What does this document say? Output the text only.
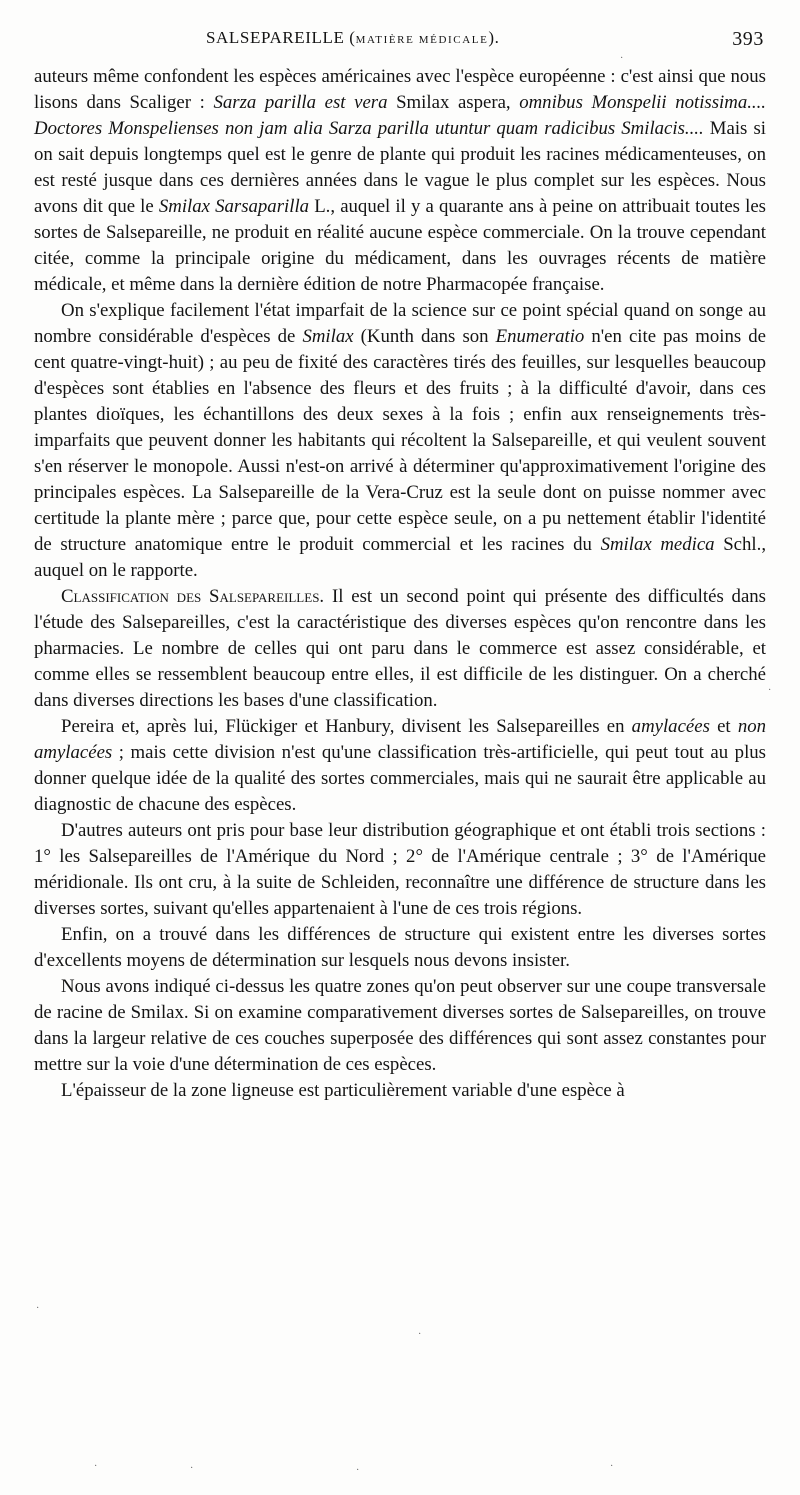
SALSEPAREILLE (MATIÈRE MÉDICALE).	393

auteurs même confondent les espèces américaines avec l'espèce européenne : c'est ainsi que nous lisons dans Scaliger : Sarza parilla est vera Smilax aspera, omnibus Monspelii notissima.... Doctores Monspelienses non jam alia Sarza parilla utuntur quam radicibus Smilacis.... Mais si on sait depuis longtemps quel est le genre de plante qui produit les racines médicamenteuses, on est resté jusque dans ces dernières années dans le vague le plus complet sur les espèces. Nous avons dit que le Smilax Sarsaparilla L., auquel il y a quarante ans à peine on attribuait toutes les sortes de Salsepareille, ne produit en réalité aucune espèce commerciale. On la trouve cependant citée, comme la principale origine du médicament, dans les ouvrages récents de matière médicale, et même dans la dernière édition de notre Pharmacopée française.

On s'explique facilement l'état imparfait de la science sur ce point spécial quand on songe au nombre considérable d'espèces de Smilax (Kunth dans son Enumeratio n'en cite pas moins de cent quatre-vingt-huit) ; au peu de fixité des caractères tirés des feuilles, sur lesquelles beaucoup d'espèces sont établies en l'absence des fleurs et des fruits ; à la difficulté d'avoir, dans ces plantes dioïques, les échantillons des deux sexes à la fois ; enfin aux renseignements très-imparfaits que peuvent donner les habitants qui récoltent la Salsepareille, et qui veulent souvent s'en réserver le monopole. Aussi n'est-on arrivé à déterminer qu'approximativement l'origine des principales espèces. La Salsepareille de la Vera-Cruz est la seule dont on puisse nommer avec certitude la plante mère ; parce que, pour cette espèce seule, on a pu nettement établir l'identité de structure anatomique entre le produit commercial et les racines du Smilax medica Schl., auquel on le rapporte.

Classification des Salsepareilles. Il est un second point qui présente des difficultés dans l'étude des Salsepareilles, c'est la caractéristique des diverses espèces qu'on rencontre dans les pharmacies. Le nombre de celles qui ont paru dans le commerce est assez considérable, et comme elles se ressemblent beaucoup entre elles, il est difficile de les distinguer. On a cherché dans diverses directions les bases d'une classification.

Pereira et, après lui, Flückiger et Hanbury, divisent les Salsepareilles en amylacées et non amylacées ; mais cette division n'est qu'une classification très-artificielle, qui peut tout au plus donner quelque idée de la qualité des sortes commerciales, mais qui ne saurait être applicable au diagnostic de chacune des espèces.

D'autres auteurs ont pris pour base leur distribution géographique et ont établi trois sections : 1° les Salsepareilles de l'Amérique du Nord ; 2° de l'Amérique centrale ; 3° de l'Amérique méridionale. Ils ont cru, à la suite de Schleiden, reconnaître une différence de structure dans les diverses sortes, suivant qu'elles appartenaient à l'une de ces trois régions.

Enfin, on a trouvé dans les différences de structure qui existent entre les diverses sortes d'excellents moyens de détermination sur lesquels nous devons insister.

Nous avons indiqué ci-dessus les quatre zones qu'on peut observer sur une coupe transversale de racine de Smilax. Si on examine comparativement diverses sortes de Salsepareilles, on trouve dans la largeur relative de ces couches superposée des différences qui sont assez constantes pour mettre sur la voie d'une détermination de ces espèces.

L'épaisseur de la zone ligneuse est particulièrement variable d'une espèce à

·
·
·
·
·	·	·	·
